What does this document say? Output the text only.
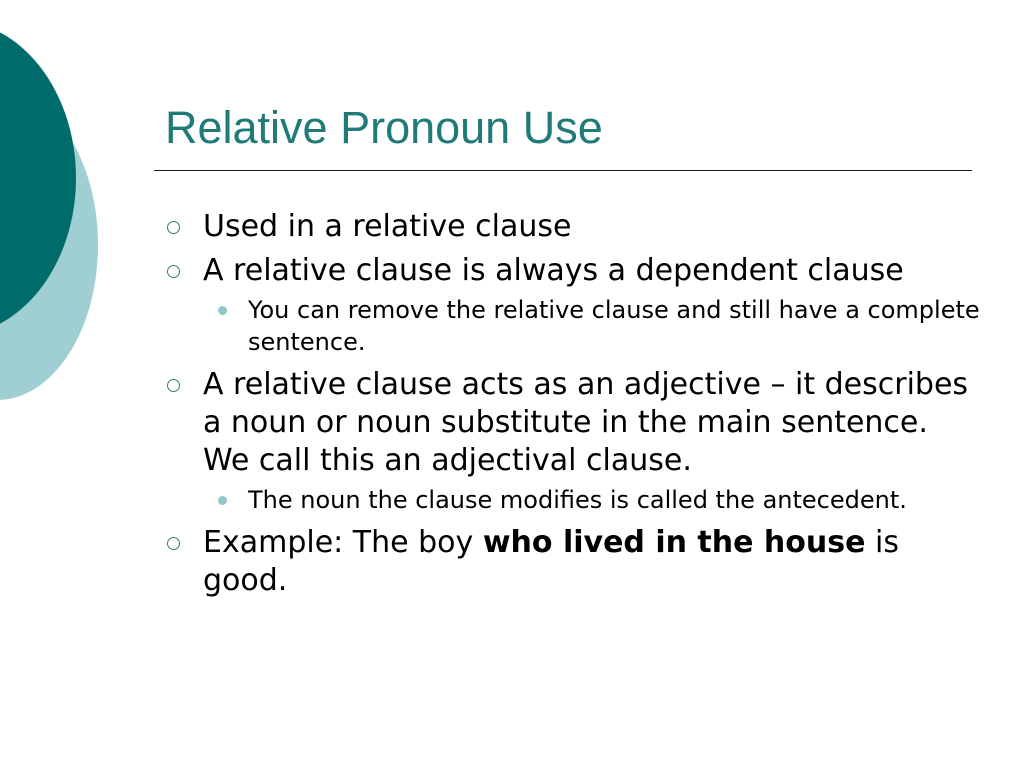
Relative Pronoun Use
Used in a relative clause
A relative clause is always a dependent clause
You can remove the relative clause and still have a complete sentence.
A relative clause acts as an adjective – it describes a noun or noun substitute in the main sentence. We call this an adjectival clause.
The noun the clause modifies is called the antecedent.
Example: The boy who lived in the house is good.
